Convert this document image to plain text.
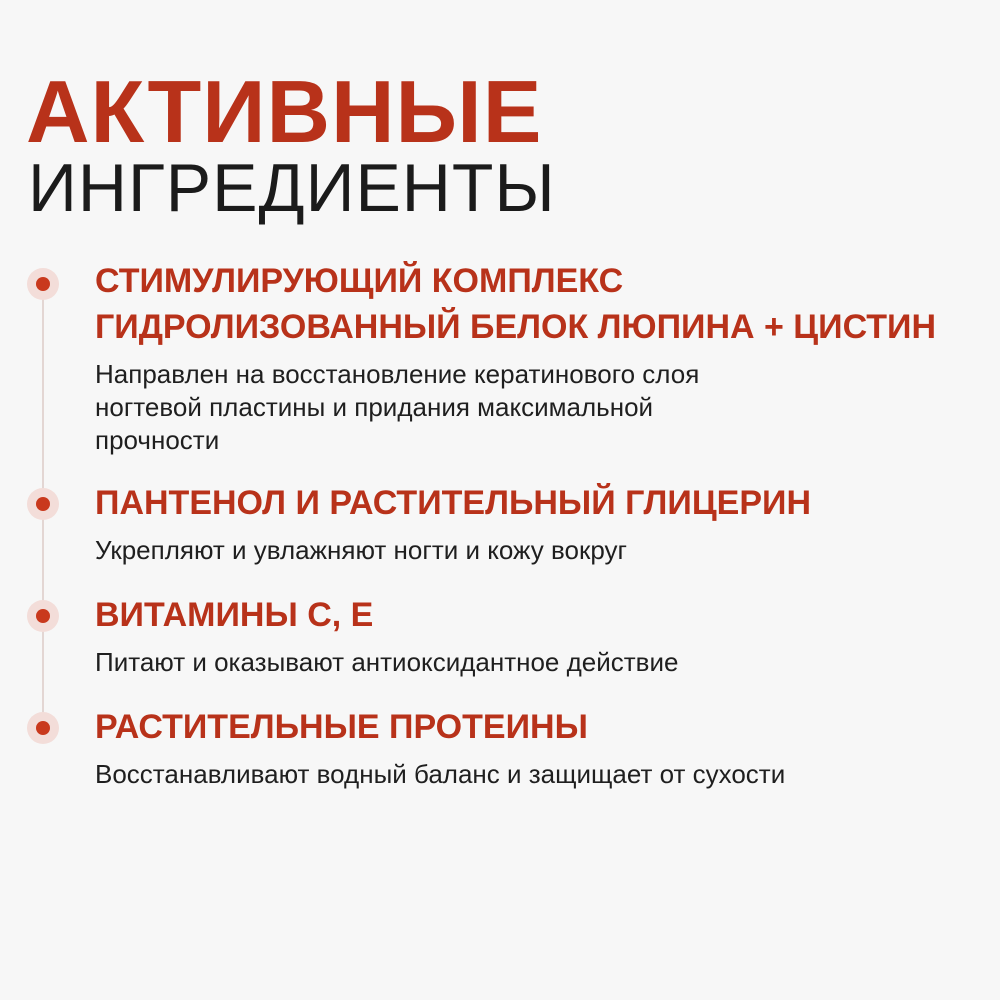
АКТИВНЫЕ
ИНГРЕДИЕНТЫ

СТИМУЛИРУЮЩИЙ КОМПЛЕКС
ГИДРОЛИЗОВАННЫЙ БЕЛОК ЛЮПИНА + ЦИСТИН

Направлен на восстановление кератинового слоя
ногтевой пластины и придания максимальной
прочности

ПАНТЕНОЛ И РАСТИТЕЛЬНЫЙ ГЛИЦЕРИН

Укрепляют и увлажняют ногти и кожу вокруг

ВИТАМИНЫ С, Е

Питают и оказывают антиоксидантное действие

РАСТИТЕЛЬНЫЕ ПРОТЕИНЫ

Восстанавливают водный баланс и защищает от сухости
